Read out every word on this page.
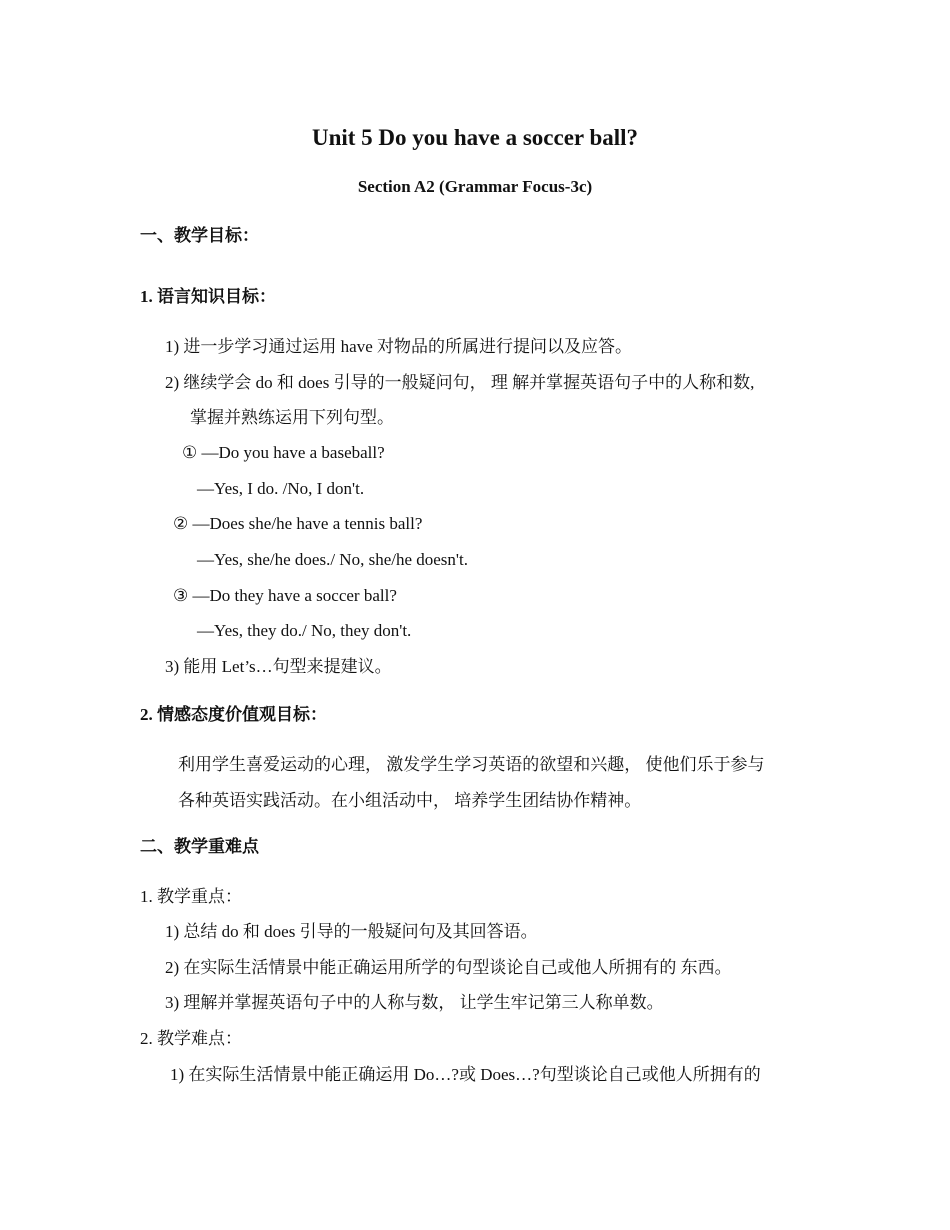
Unit 5 Do you have a soccer ball?
Section A2 (Grammar Focus-3c)
一、教学目标：
1. 语言知识目标：
1) 进一步学习通过运用 have 对物品的所属进行提问以及应答。
2) 继续学会 do 和 does 引导的一般疑问句， 理 解并掌握英语句子中的人称和数,
掌握并熟练运用下列句型。
① —Do you have a baseball?
—Yes, I do. /No, I don't.
② —Does she/he have a tennis ball?
—Yes, she/he does./ No, she/he doesn't.
③ —Do they have a soccer ball?
—Yes, they do./ No, they don't.
3) 能用 Let’s…句型来提建议。
2. 情感态度价值观目标：
利用学生喜爱运动的心理， 激发学生学习英语的欲望和兴趣， 使他们乐于参与
各种英语实践活动。在小组活动中， 培养学生团结协作精神。
二、教学重难点
1. 教学重点：
1) 总结 do 和 does 引导的一般疑问句及其回答语。
2) 在实际生活情景中能正确运用所学的句型谈论自己或他人所拥有的 东西。
3) 理解并掌握英语句子中的人称与数， 让学生牢记第三人称单数。
2. 教学难点：
1) 在实际生活情景中能正确运用 Do…?或 Does…?句型谈论自己或他人所拥有的
